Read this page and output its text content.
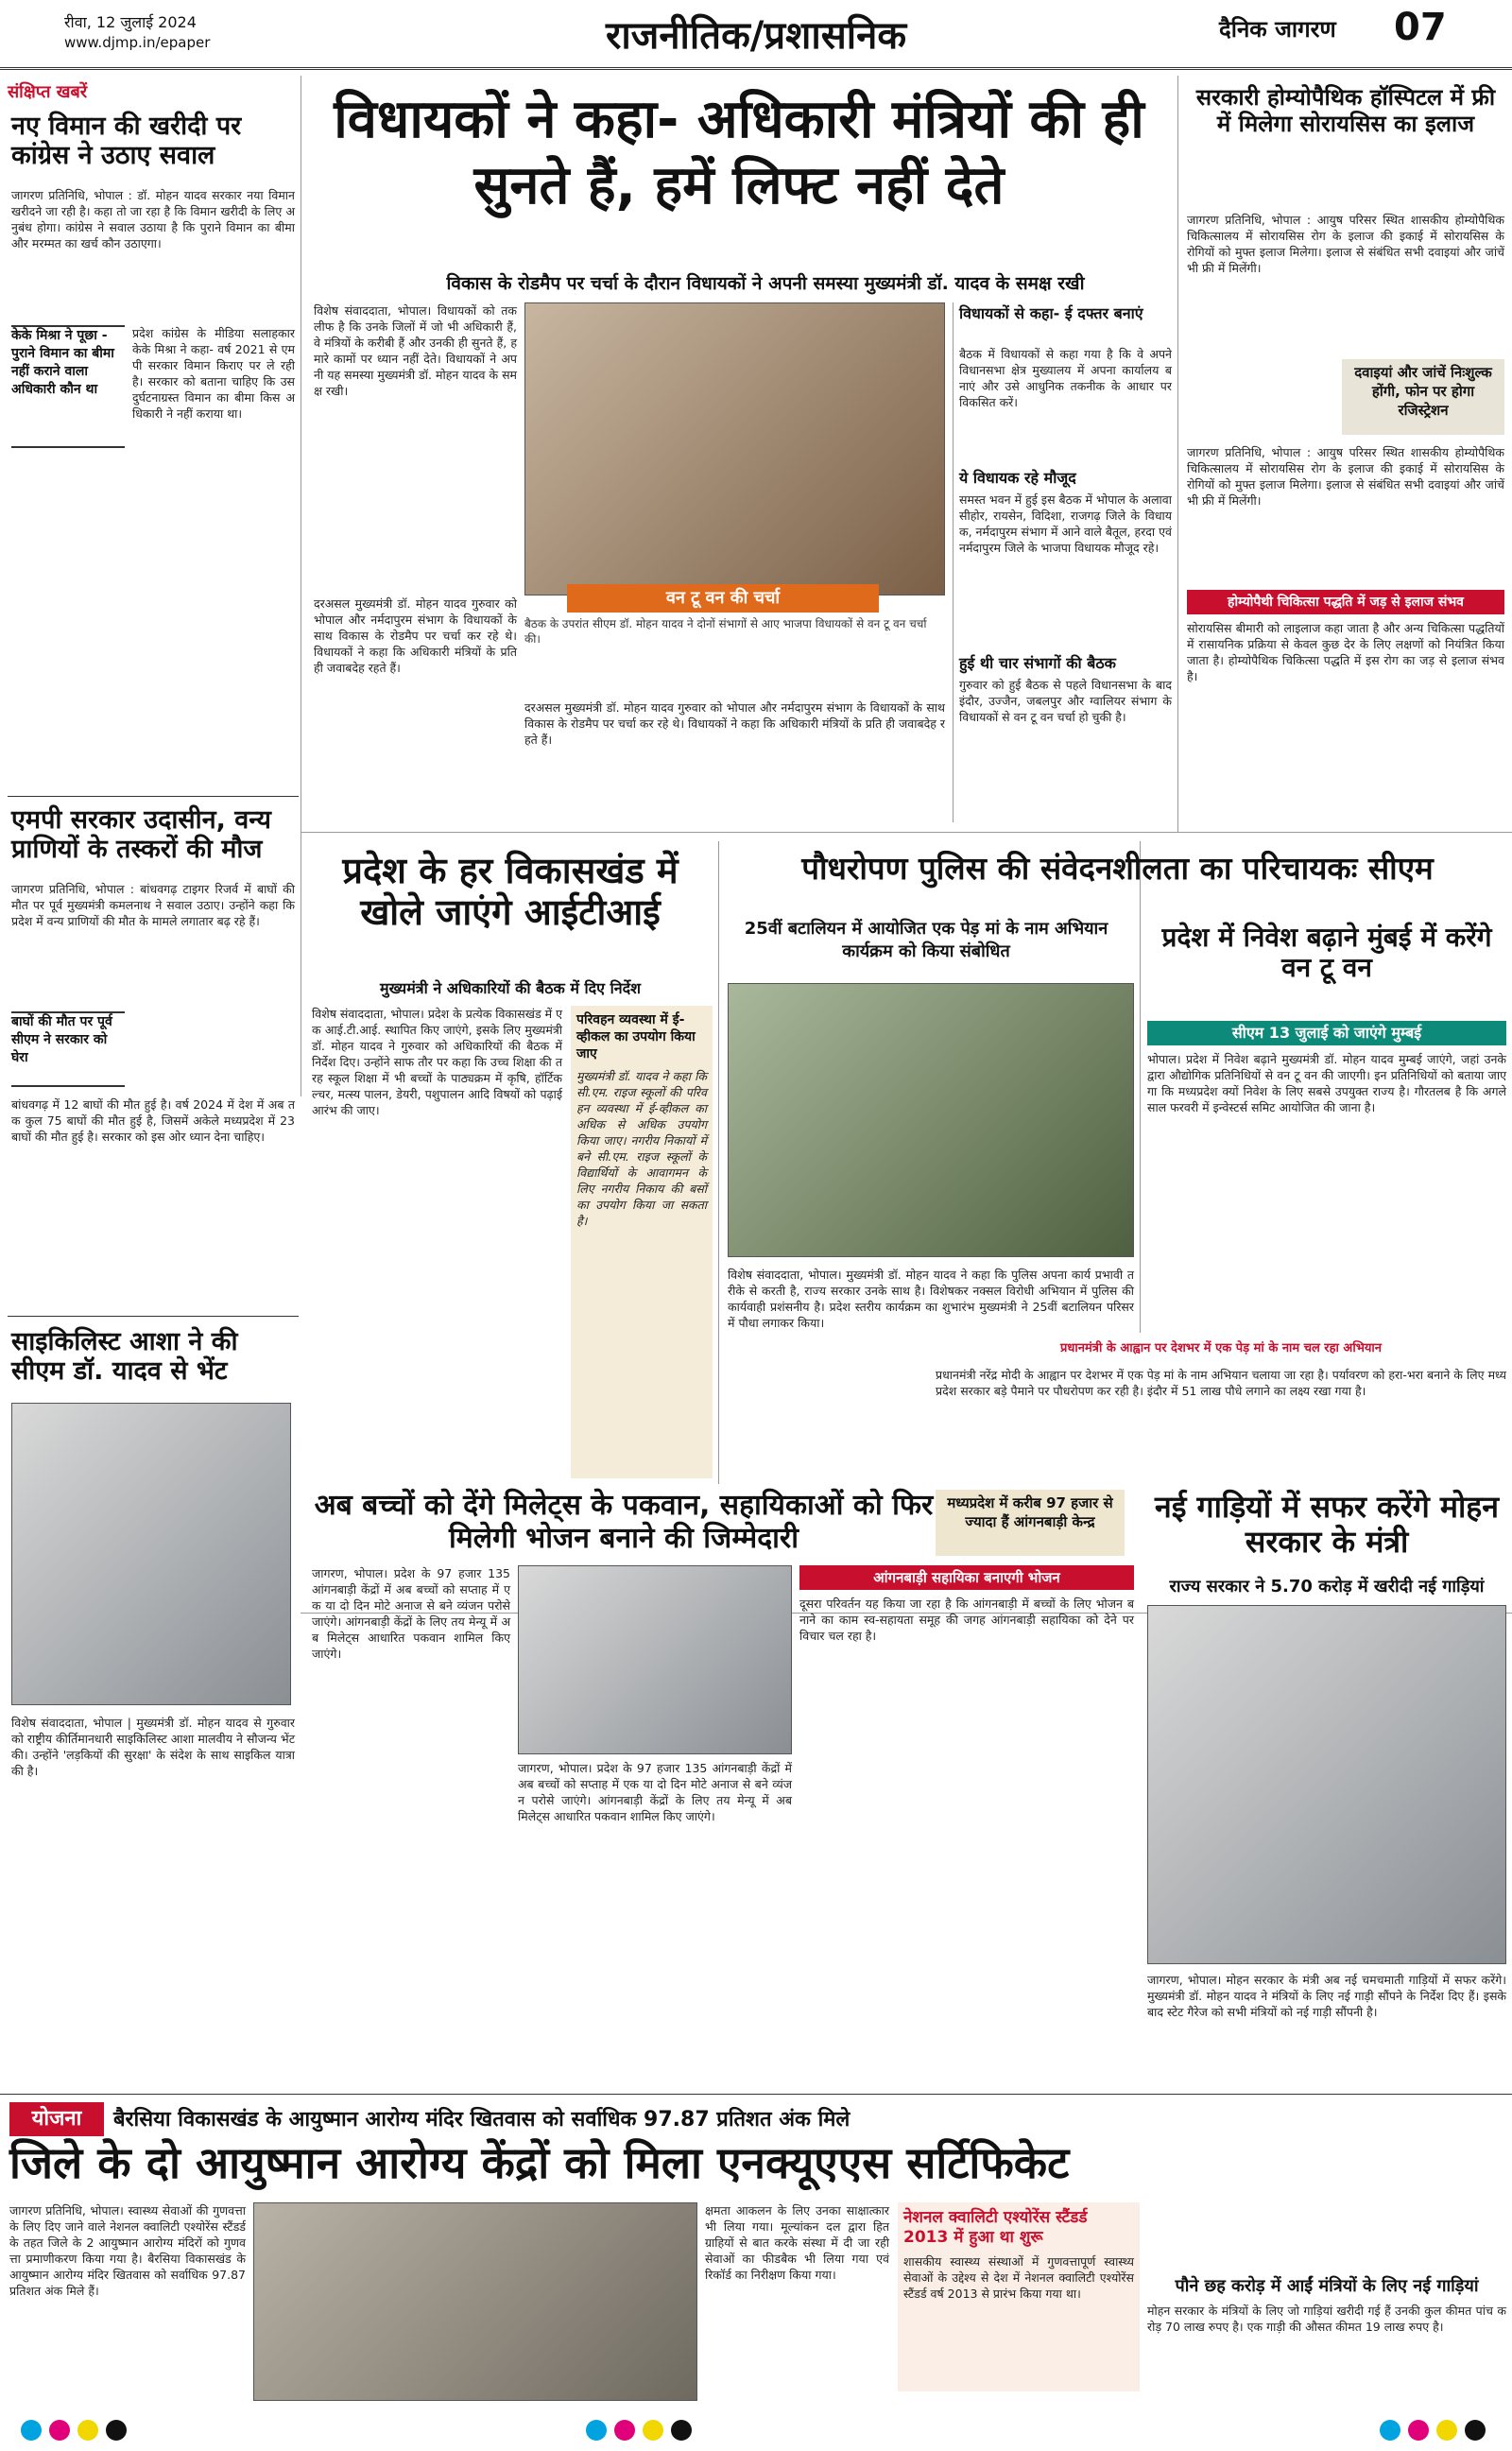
रीवा, 12 जुलाई 2024
www.djmp.in/epaper	राजनीतिक/प्रशासनिक	दैनिक जागरण 07
संक्षिप्त खबरें
नए विमान की खरीदी पर कांग्रेस ने उठाए सवाल
जागरण प्रतिनिधि, भोपाल : डॉ. मोहन यादव सरकार नया विमान खरीदने जा रही है। कहा तो जा रहा है कि विमान खरीदी के लिए अनुबंध होगा। कांग्रेस ने सवाल उठाया है कि पुराने विमान का बीमा और मरम्मत का खर्च कौन उठाएगा।
केके मिश्रा ने पूछा - पुराने विमान का बीमा नहीं कराने वाला अधिकारी कौन था
प्रदेश कांग्रेस के मीडिया सलाहकार केके मिश्रा ने कहा- वर्ष 2021 से एमपी सरकार विमान किराए पर ले रही है। सरकार को बताना चाहिए कि उस दुर्घटनाग्रस्त विमान का बीमा किस अधिकारी ने नहीं कराया था।
एमपी सरकार उदासीन, वन्य प्राणियों के तस्करों की मौज
जागरण प्रतिनिधि, भोपाल : बांधवगढ़ टाइगर रिजर्व में बाघों की मौत पर पूर्व मुख्यमंत्री कमलनाथ ने सवाल उठाए। उन्होंने कहा कि प्रदेश में वन्य प्राणियों की मौत के मामले लगातार बढ़ रहे हैं।
बाघों की मौत पर पूर्व सीएम ने सरकार को घेरा
बांधवगढ़ में 12 बाघों की मौत हुई है। वर्ष 2024 में देश में अब तक कुल 75 बाघों की मौत हुई है, जिसमें अकेले मध्यप्रदेश में 23 बाघों की मौत हुई है। सरकार को इस ओर ध्यान देना चाहिए।
साइकिलिस्ट आशा ने की सीएम डॉ. यादव से भेंट
विशेष संवाददाता, भोपाल | मुख्यमंत्री डॉ. मोहन यादव से गुरुवार को राष्ट्रीय कीर्तिमानधारी साइकिलिस्ट आशा मालवीय ने सौजन्य भेंट की। उन्होंने 'लड़कियों की सुरक्षा' के संदेश के साथ साइकिल यात्रा की है।
विधायकों ने कहा- अधिकारी मंत्रियों की ही सुनते हैं, हमें लिफ्ट नहीं देते
विकास के रोडमैप पर चर्चा के दौरान विधायकों ने अपनी समस्या मुख्यमंत्री डॉ. यादव के समक्ष रखी
विशेष संवाददाता, भोपाल। विधायकों को तकलीफ है कि उनके जिलों में जो भी अधिकारी हैं, वे मंत्रियों के करीबी हैं और उनकी ही सुनते हैं, हमारे कामों पर ध्यान नहीं देते। विधायकों ने अपनी यह समस्या मुख्यमंत्री डॉ. मोहन यादव के समक्ष रखी।
वन टू वन की चर्चा
बैठक के उपरांत सीएम डॉ. मोहन यादव ने दोनों संभागों से आए भाजपा विधायकों से वन टू वन चर्चा की।
दरअसल मुख्यमंत्री डॉ. मोहन यादव गुरुवार को भोपाल और नर्मदापुरम संभाग के विधायकों के साथ विकास के रोडमैप पर चर्चा कर रहे थे। विधायकों ने कहा कि अधिकारी मंत्रियों के प्रति ही जवाबदेह रहते हैं।
दरअसल मुख्यमंत्री डॉ. मोहन यादव गुरुवार को भोपाल और नर्मदापुरम संभाग के विधायकों के साथ विकास के रोडमैप पर चर्चा कर रहे थे। विधायकों ने कहा कि अधिकारी मंत्रियों के प्रति ही जवाबदेह रहते हैं।
विधायकों से कहा- ई दफ्तर बनाएं
बैठक में विधायकों से कहा गया है कि वे अपने विधानसभा क्षेत्र मुख्यालय में अपना कार्यालय बनाएं और उसे आधुनिक तकनीक के आधार पर विकसित करें।
ये विधायक रहे मौजूद
समस्त भवन में हुई इस बैठक में भोपाल के अलावा सीहोर, रायसेन, विदिशा, राजगढ़ जिले के विधायक, नर्मदापुरम संभाग में आने वाले बैतूल, हरदा एवं नर्मदापुरम जिले के भाजपा विधायक मौजूद रहे।
हुई थी चार संभागों की बैठक
गुरुवार को हुई बैठक से पहले विधानसभा के बाद इंदौर, उज्जैन, जबलपुर और ग्वालियर संभाग के विधायकों से वन टू वन चर्चा हो चुकी है।
सरकारी होम्योपैथिक हॉस्पिटल में फ्री में मिलेगा सोरायसिस का इलाज
जागरण प्रतिनिधि, भोपाल : आयुष परिसर स्थित शासकीय होम्योपैथिक चिकित्सालय में सोरायसिस रोग के इलाज की इकाई में सोरायसिस के रोगियों को मुफ्त इलाज मिलेगा। इलाज से संबंधित सभी दवाइयां और जांचें भी फ्री में मिलेंगी।
दवाइयां और जांचें निःशुल्क होंगी, फोन पर होगा रजिस्ट्रेशन
जागरण प्रतिनिधि, भोपाल : आयुष परिसर स्थित शासकीय होम्योपैथिक चिकित्सालय में सोरायसिस रोग के इलाज की इकाई में सोरायसिस के रोगियों को मुफ्त इलाज मिलेगा। इलाज से संबंधित सभी दवाइयां और जांचें भी फ्री में मिलेंगी।
होम्योपैथी चिकित्सा पद्धति में जड़ से इलाज संभव
सोरायसिस बीमारी को लाइलाज कहा जाता है और अन्य चिकित्सा पद्धतियों में रासायनिक प्रक्रिया से केवल कुछ देर के लिए लक्षणों को नियंत्रित किया जाता है। होम्योपैथिक चिकित्सा पद्धति में इस रोग का जड़ से इलाज संभव है।
प्रदेश के हर विकासखंड में खोले जाएंगे आईटीआई
मुख्यमंत्री ने अधिकारियों की बैठक में दिए निर्देश
विशेष संवाददाता, भोपाल। प्रदेश के प्रत्येक विकासखंड में एक आई.टी.आई. स्थापित किए जाएंगे, इसके लिए मुख्यमंत्री डॉ. मोहन यादव ने गुरुवार को अधिकारियों की बैठक में निर्देश दिए। उन्होंने साफ तौर पर कहा कि उच्च शिक्षा की तरह स्कूल शिक्षा में भी बच्चों के पाठ्यक्रम में कृषि, हॉर्टिकल्चर, मत्स्य पालन, डेयरी, पशुपालन आदि विषयों को पढ़ाई आरंभ की जाए।
परिवहन व्यवस्था में ई-व्हीकल का उपयोग किया जाए
मुख्यमंत्री डॉ. यादव ने कहा कि सी.एम. राइज स्कूलों की परिवहन व्यवस्था में ई-व्हीकल का अधिक से अधिक उपयोग किया जाए। नगरीय निकायों में बने सी.एम. राइज स्कूलों के विद्यार्थियों के आवागमन के लिए नगरीय निकाय की बसों का उपयोग किया जा सकता है।
पौधरोपण पुलिस की संवेदनशीलता का परिचायकः सीएम
25वीं बटालियन में आयोजित एक पेड़ मां के नाम अभियान कार्यक्रम को किया संबोधित
विशेष संवाददाता, भोपाल। मुख्यमंत्री डॉ. मोहन यादव ने कहा कि पुलिस अपना कार्य प्रभावी तरीके से करती है, राज्य सरकार उनके साथ है। विशेषकर नक्सल विरोधी अभियान में पुलिस की कार्यवाही प्रशंसनीय है। प्रदेश स्तरीय कार्यक्रम का शुभारंभ मुख्यमंत्री ने 25वीं बटालियन परिसर में पौधा लगाकर किया।
प्रदेश में निवेश बढ़ाने मुंबई में करेंगे वन टू वन
सीएम 13 जुलाई को जाएंगे मुम्बई
भोपाल। प्रदेश में निवेश बढ़ाने मुख्यमंत्री डॉ. मोहन यादव मुम्बई जाएंगे, जहां उनके द्वारा औद्योगिक प्रतिनिधियों से वन टू वन की जाएगी। इन प्रतिनिधियों को बताया जाएगा कि मध्यप्रदेश क्यों निवेश के लिए सबसे उपयुक्त राज्य है। गौरतलब है कि अगले साल फरवरी में इन्वेस्टर्स समिट आयोजित की जाना है।
प्रधानमंत्री के आह्वान पर देशभर में एक पेड़ मां के नाम चल रहा अभियान
प्रधानमंत्री नरेंद्र मोदी के आह्वान पर देशभर में एक पेड़ मां के नाम अभियान चलाया जा रहा है। पर्यावरण को हरा-भरा बनाने के लिए मध्यप्रदेश सरकार बड़े पैमाने पर पौधरोपण कर रही है। इंदौर में 51 लाख पौधे लगाने का लक्ष्य रखा गया है।
अब बच्चों को देंगे मिलेट्स के पकवान, सहायिकाओं को फिर मिलेगी भोजन बनाने की जिम्मेदारी
मध्यप्रदेश में करीब 97 हजार से ज्यादा हैं आंगनबाड़ी केन्द्र
जागरण, भोपाल। प्रदेश के 97 हजार 135 आंगनबाड़ी केंद्रों में अब बच्चों को सप्ताह में एक या दो दिन मोटे अनाज से बने व्यंजन परोसे जाएंगे। आंगनबाड़ी केंद्रों के लिए तय मेन्यू में अब मिलेट्स आधारित पकवान शामिल किए जाएंगे।
आंगनबाड़ी सहायिका बनाएगी भोजन
दूसरा परिवर्तन यह किया जा रहा है कि आंगनबाड़ी में बच्चों के लिए भोजन बनाने का काम स्व-सहायता समूह की जगह आंगनबाड़ी सहायिका को देने पर विचार चल रहा है।
जागरण, भोपाल। प्रदेश के 97 हजार 135 आंगनबाड़ी केंद्रों में अब बच्चों को सप्ताह में एक या दो दिन मोटे अनाज से बने व्यंजन परोसे जाएंगे। आंगनबाड़ी केंद्रों के लिए तय मेन्यू में अब मिलेट्स आधारित पकवान शामिल किए जाएंगे।
नई गाड़ियों में सफर करेंगे मोहन सरकार के मंत्री
राज्य सरकार ने 5.70 करोड़ में खरीदी नई गाड़ियां
जागरण, भोपाल। मोहन सरकार के मंत्री अब नई चमचमाती गाड़ियों में सफर करेंगे। मुख्यमंत्री डॉ. मोहन यादव ने मंत्रियों के लिए नई गाड़ी सौंपने के निर्देश दिए हैं। इसके बाद स्टेट गैरेज को सभी मंत्रियों को नई गाड़ी सौंपनी है।
पौने छह करोड़ में आईं मंत्रियों के लिए नई गाड़ियां
मोहन सरकार के मंत्रियों के लिए जो गाड़ियां खरीदी गई हैं उनकी कुल कीमत पांच करोड़ 70 लाख रुपए है। एक गाड़ी की औसत कीमत 19 लाख रुपए है।
योजना	बैरसिया विकासखंड के आयुष्मान आरोग्य मंदिर खितवास को सर्वाधिक 97.87 प्रतिशत अंक मिले
जिले के दो आयुष्मान आरोग्य केंद्रों को मिला एनक्यूएएस सर्टिफिकेट
जागरण प्रतिनिधि, भोपाल। स्वास्थ्य सेवाओं की गुणवत्ता के लिए दिए जाने वाले नेशनल क्वालिटी एश्योरेंस स्टैंडर्ड के तहत जिले के 2 आयुष्मान आरोग्य मंदिरों को गुणवत्ता प्रमाणीकरण किया गया है। बैरसिया विकासखंड के आयुष्मान आरोग्य मंदिर खितवास को सर्वाधिक 97.87 प्रतिशत अंक मिले हैं।
क्षमता आकलन के लिए उनका साक्षात्कार भी लिया गया। मूल्यांकन दल द्वारा हितग्राहियों से बात करके संस्था में दी जा रही सेवाओं का फीडबैक भी लिया गया एवं रिकॉर्ड का निरीक्षण किया गया।
नेशनल क्वालिटी एश्योरेंस स्टैंडर्ड 2013 में हुआ था शुरू
शासकीय स्वास्थ्य संस्थाओं में गुणवत्तापूर्ण स्वास्थ्य सेवाओं के उद्देश्य से देश में नेशनल क्वालिटी एश्योरेंस स्टैंडर्ड वर्ष 2013 से प्रारंभ किया गया था।
